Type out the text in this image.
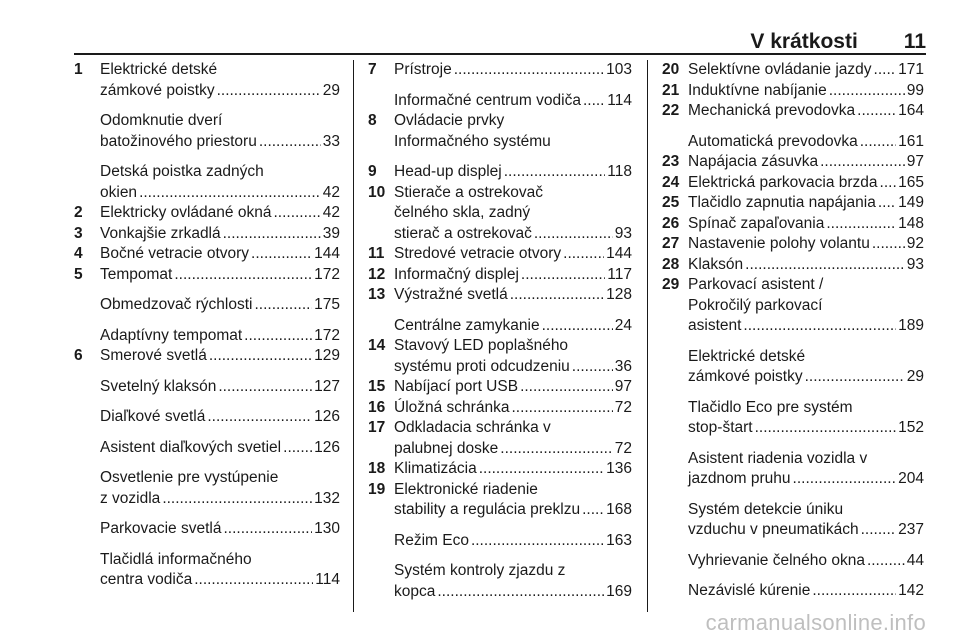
V krátkosti 11
1	Elektrické detské
zámkové poistky .....	29
Odomknutie dverí
batožinového priestoru .....	33
Detská poistka zadných
okien .....	42
2	Elektricky ovládané okná .....	42
3	Vonkajšie zrkadlá .....	39
4	Bočné vetracie otvory .....	144
5	Tempomat .....	172
Obmedzovač rýchlosti .....	175
Adaptívny tempomat .....	172
6	Smerové svetlá .....	129
Svetelný klaksón .....	127
Diaľkové svetlá .....	126
Asistent diaľkových svetiel ..... 126
Osvetlenie pre vystúpenie
z vozidla .....	132
Parkovacie svetlá .....	130
Tlačidlá informačného
centra vodiča .....	114
7	Prístroje .....	103
Informačné centrum vodiča ..... 114
8	Ovládacie prvky
Informačného systému
9	Head-up displej .....	118
10 Stierače a ostrekovač
čelného skla, zadný
stierač a ostrekovač .....	93
11 Stredové vetracie otvory .....	144
12 Informačný displej .....	117
13 Výstražné svetlá .....	128
Centrálne zamykanie .....	24
14 Stavový LED poplašného
systému proti odcudzeniu .....	36
15 Nabíjací port USB .....	97
16 Úložná schránka .....	72
17 Odkladacia schránka v
palubnej doske .....	72
18 Klimatizácia .....	136
19 Elektronické riadenie
stability a regulácia preklzu ..... 168
Režim Eco .....	163
Systém kontroly zjazdu z
kopca .....	169
20 Selektívne ovládanie jazdy ..... 171
21 Induktívne nabíjanie .....	99
22 Mechanická prevodovka .....	164
Automatická prevodovka .....	161
23 Napájacia zásuvka .....	97
24 Elektrická parkovacia brzda ..... 165
25 Tlačidlo zapnutia napájania ..... 149
26 Spínač zapaľovania .....	148
27 Nastavenie polohy volantu ..... 92
28 Klaksón .....	93
29 Parkovací asistent /
Pokročilý parkovací
asistent .....	189
Elektrické detské
zámkové poistky .....	29
Tlačidlo Eco pre systém
stop-štart .....	152
Asistent riadenia vozidla v
jazdnom pruhu .....	204
Systém detekcie úniku
vzduchu v pneumatikách .....	237
Vyhrievanie čelného okna .....	44
Nezávislé kúrenie .....	142
carmanualsonline.info
